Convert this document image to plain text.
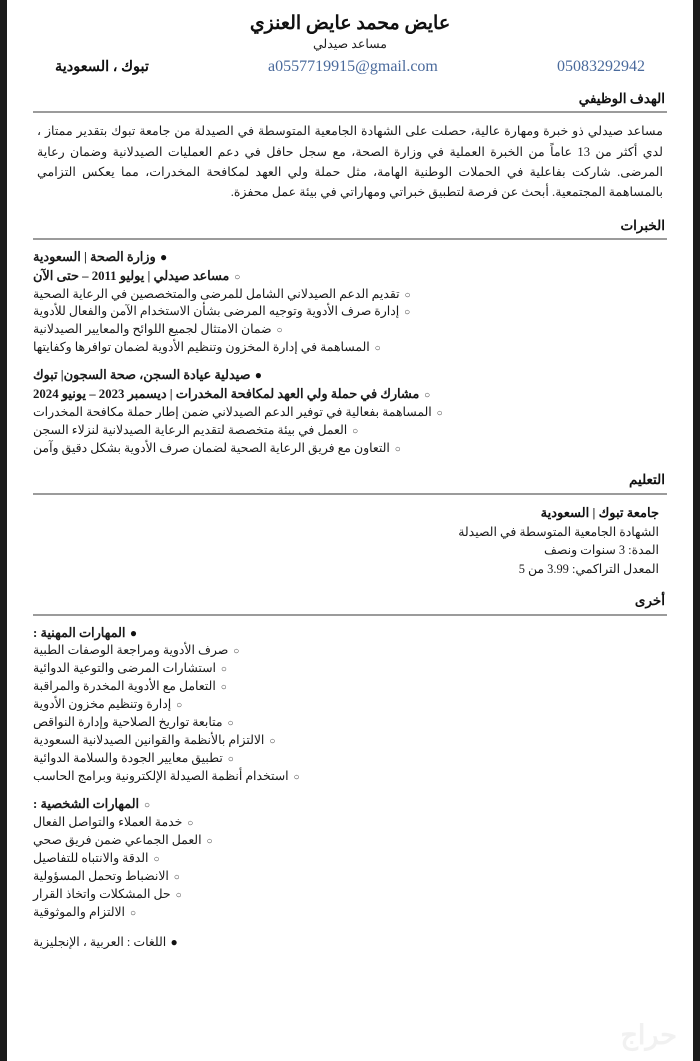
عايض محمد عايض العنزي
مساعد صيدلي
تبوك ، السعودية	a0557719915@gmail.com	05083292942
الهدف الوظيفي
مساعد صيدلي ذو خبرة ومهارة عالية، حصلت على الشهادة الجامعية المتوسطة في الصيدلة من جامعة تبوك بتقدير ممتاز ، لدي أكثر من 13 عاماً من الخبرة العملية في وزارة الصحة، مع سجل حافل في دعم العمليات الصيدلانية وضمان رعاية المرضى. شاركت بفاعلية في الحملات الوطنية الهامة، مثل حملة ولي العهد لمكافحة المخدرات، مما يعكس التزامي بالمساهمة المجتمعية. أبحث عن فرصة لتطبيق خبراتي ومهاراتي في بيئة عمل محفزة.
الخبرات
●
وزارة الصحة | السعودية
○
مساعد صيدلي | يوليو 2011 – حتى الآن
○
تقديم الدعم الصيدلاني الشامل للمرضى والمتخصصين في الرعاية الصحية
○
إدارة صرف الأدوية وتوجيه المرضى بشأن الاستخدام الآمن والفعال للأدوية
○
ضمان الامتثال لجميع اللوائح والمعايير الصيدلانية
○
المساهمة في إدارة المخزون وتنظيم الأدوية لضمان توافرها وكفايتها
●
صيدلية عيادة السجن، صحة السجون| تبوك
○
مشارك في حملة ولي العهد لمكافحة المخدرات | ديسمبر 2023 – يونيو 2024
○
المساهمة بفعالية في توفير الدعم الصيدلاني ضمن إطار حملة مكافحة المخدرات
○
العمل في بيئة متخصصة لتقديم الرعاية الصيدلانية لنزلاء السجن
○
التعاون مع فريق الرعاية الصحية لضمان صرف الأدوية بشكل دقيق وآمن
التعليم
جامعة تبوك | السعودية
الشهادة الجامعية المتوسطة في الصيدلة
المدة: 3 سنوات ونصف
المعدل التراكمي: 3.99 من 5
أخرى
●
المهارات المهنية :
○
صرف الأدوية ومراجعة الوصفات الطبية
○
استشارات المرضى والتوعية الدوائية
○
التعامل مع الأدوية المخدرة والمراقبة
○
إدارة وتنظيم مخزون الأدوية
○
متابعة تواريخ الصلاحية وإدارة النواقص
○
الالتزام بالأنظمة والقوانين الصيدلانية السعودية
○
تطبيق معايير الجودة والسلامة الدوائية
○
استخدام أنظمة الصيدلة الإلكترونية وبرامج الحاسب
○
المهارات الشخصية :
○
خدمة العملاء والتواصل الفعال
○
العمل الجماعي ضمن فريق صحي
○
الدقة والانتباه للتفاصيل
○
الانضباط وتحمل المسؤولية
○
حل المشكلات واتخاذ القرار
○
الالتزام والموثوقية
●
اللغات : العربية ، الإنجليزية
حراج
